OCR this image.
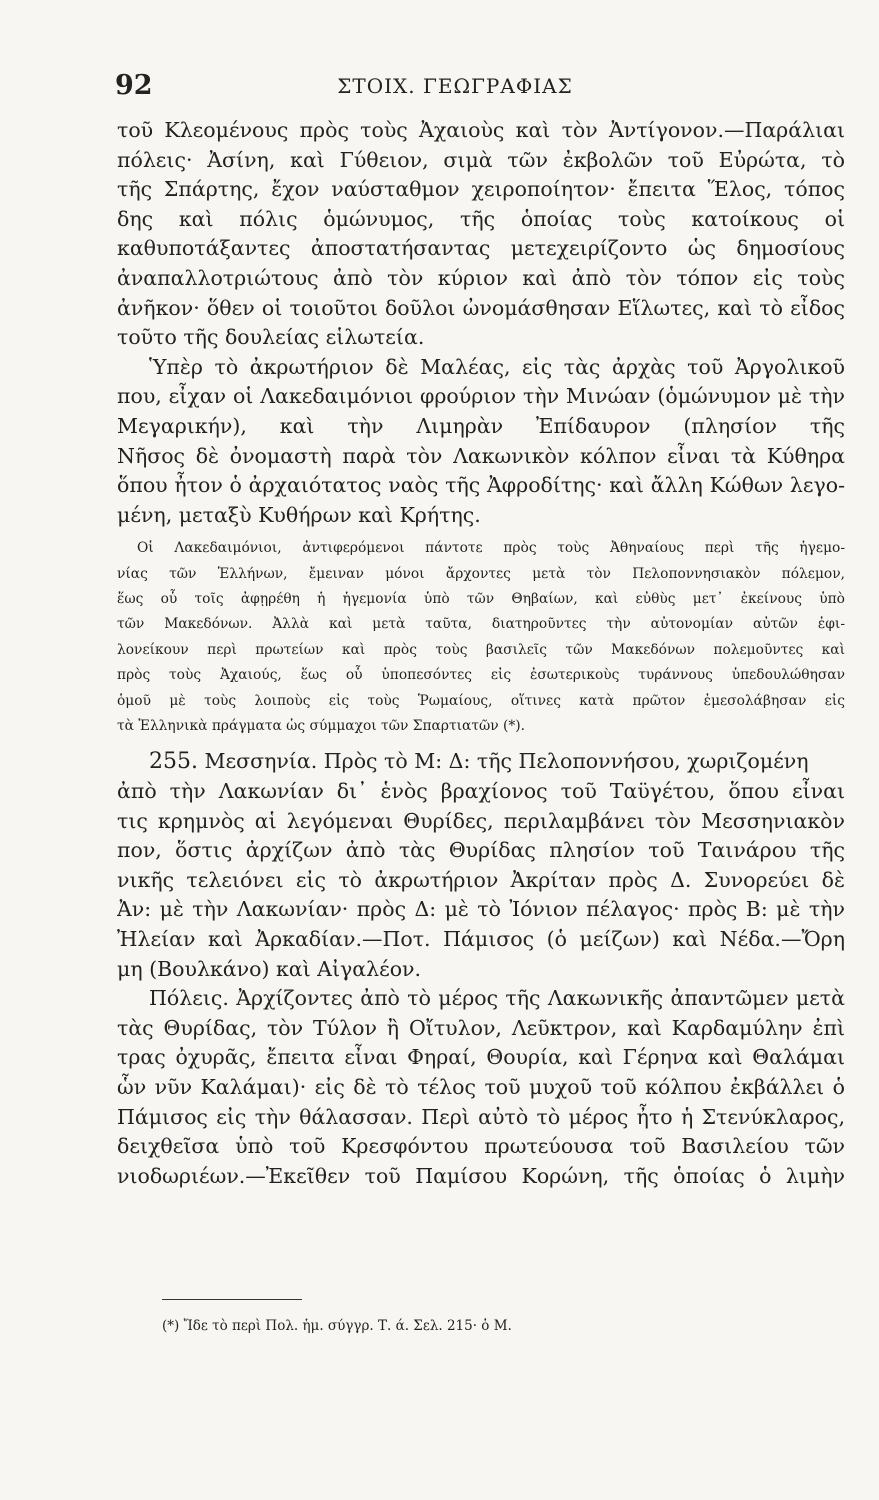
92	ΣΤΟΙΧ. ΓΕΩΓΡΑΦΙΑΣ
τοῦ Κλεομένους πρὸς τοὺς Ἀχαιοὺς καὶ τὸν Ἀντίγονον.—Παράλιαι
πόλεις· Ἀσίνη, καὶ Γύθειον, σιμὰ τῶν ἐκβολῶν τοῦ Εὐρώτα, τὸ
τῆς Σπάρτης, ἔχον ναύσταθμον χειροποίητον· ἔπειτα Ἕλος, τόπος
δης καὶ πόλις ὁμώνυμος, τῆς ὁποίας τοὺς κατοίκους οἱ
καθυποτάξαντες ἀποστατήσαντας μετεχειρίζοντο ὡς δημοσίους
ἀναπαλλοτριώτους ἀπὸ τὸν κύριον καὶ ἀπὸ τὸν τόπον εἰς τοὺς
ἀνῆκον· ὅθεν οἱ τοιοῦτοι δοῦλοι ὠνομάσθησαν Εἵλωτες, καὶ τὸ εἶδος
τοῦτο τῆς δουλείας εἱλωτεία.
Ὑπὲρ τὸ ἀκρωτήριον δὲ Μαλέας, εἰς τὰς ἀρχὰς τοῦ Ἀργολικοῦ
που, εἶχαν οἱ Λακεδαιμόνιοι φρούριον τὴν Μινώαν (ὁμώνυμον μὲ τὴν
Μεγαρικήν), καὶ τὴν Λιμηρὰν Ἐπίδαυρον (πλησίον τῆς
Νῆσος δὲ ὀνομαστὴ παρὰ τὸν Λακωνικὸν κόλπον εἶναι τὰ Κύθηρα
ὅπου ἦτον ὁ ἀρχαιότατος ναὸς τῆς Ἀφροδίτης· καὶ ἄλλη Κώθων λεγο-
μένη, μεταξὺ Κυθήρων καὶ Κρήτης.
Οἱ Λακεδαιμόνιοι, ἀντιφερόμενοι πάντοτε πρὸς τοὺς Ἀθηναίους περὶ τῆς ἡγεμο-
νίας τῶν Ἑλλήνων, ἔμειναν μόνοι ἄρχοντες μετὰ τὸν Πελοποννησιακὸν πόλεμον,
ἕως οὗ τοῖς ἀφῃρέθη ἡ ἡγεμονία ὑπὸ τῶν Θηβαίων, καὶ εὐθὺς μετ᾽ ἐκείνους ὑπὸ
τῶν Μακεδόνων. Ἀλλὰ καὶ μετὰ ταῦτα, διατηροῦντες τὴν αὐτονομίαν αὐτῶν ἐφι-
λονείκουν περὶ πρωτείων καὶ πρὸς τοὺς βασιλεῖς τῶν Μακεδόνων πολεμοῦντες καὶ
πρὸς τοὺς Ἀχαιούς, ἕως οὗ ὑποπεσόντες εἰς ἐσωτερικοὺς τυράννους ὑπεδουλώθησαν
ὁμοῦ μὲ τοὺς λοιποὺς εἰς τοὺς Ῥωμαίους, οἵτινες κατὰ πρῶτον ἐμεσολάβησαν εἰς
τὰ Ἑλληνικὰ πράγματα ὡς σύμμαχοι τῶν Σπαρτιατῶν (*).
255. Μεσσηνία. Πρὸς τὸ Μ: Δ: τῆς Πελοποννήσου, χωριζομένη
ἀπὸ τὴν Λακωνίαν δι᾽ ἑνὸς βραχίονος τοῦ Ταϋγέτου, ὅπου εἶναι
τις κρημνὸς αἱ λεγόμεναι Θυρίδες, περιλαμβάνει τὸν Μεσσηνιακὸν
πον, ὅστις ἀρχίζων ἀπὸ τὰς Θυρίδας πλησίον τοῦ Ταινάρου τῆς
νικῆς τελειόνει εἰς τὸ ἀκρωτήριον Ἀκρίταν πρὸς Δ. Συνορεύει δὲ
Ἀν: μὲ τὴν Λακωνίαν· πρὸς Δ: μὲ τὸ Ἰόνιον πέλαγος· πρὸς Β: μὲ τὴν
Ἠλείαν καὶ Ἀρκαδίαν.—Ποτ. Πάμισος (ὁ μείζων) καὶ Νέδα.—Ὄρη
μη (Βουλκάνο) καὶ Αἰγαλέον.
Πόλεις. Ἀρχίζοντες ἀπὸ τὸ μέρος τῆς Λακωνικῆς ἀπαντῶμεν μετὰ
τὰς Θυρίδας, τὸν Τύλον ἢ Οἴτυλον, Λεῦκτρον, καὶ Καρδαμύλην ἐπὶ
τρας ὀχυρᾶς, ἔπειτα εἶναι Φηραί, Θουρία, καὶ Γέρηνα καὶ Θαλάμαι
ὧν νῦν Καλάμαι)· εἰς δὲ τὸ τέλος τοῦ μυχοῦ τοῦ κόλπου ἐκβάλλει ὁ
Πάμισος εἰς τὴν θάλασσαν. Περὶ αὐτὸ τὸ μέρος ἦτο ἡ Στενύκλαρος,
δειχθεῖσα ὑπὸ τοῦ Κρεσφόντου πρωτεύουσα τοῦ Βασιλείου τῶν
νιοδωριέων.—Ἐκεῖθεν τοῦ Παμίσου Κορώνη, τῆς ὁποίας ὁ λιμὴν
(*) Ἴδε τὸ περὶ Πολ. ἡμ. σύγγρ. Τ. ά. Σελ. 215· ὁ Μ.
